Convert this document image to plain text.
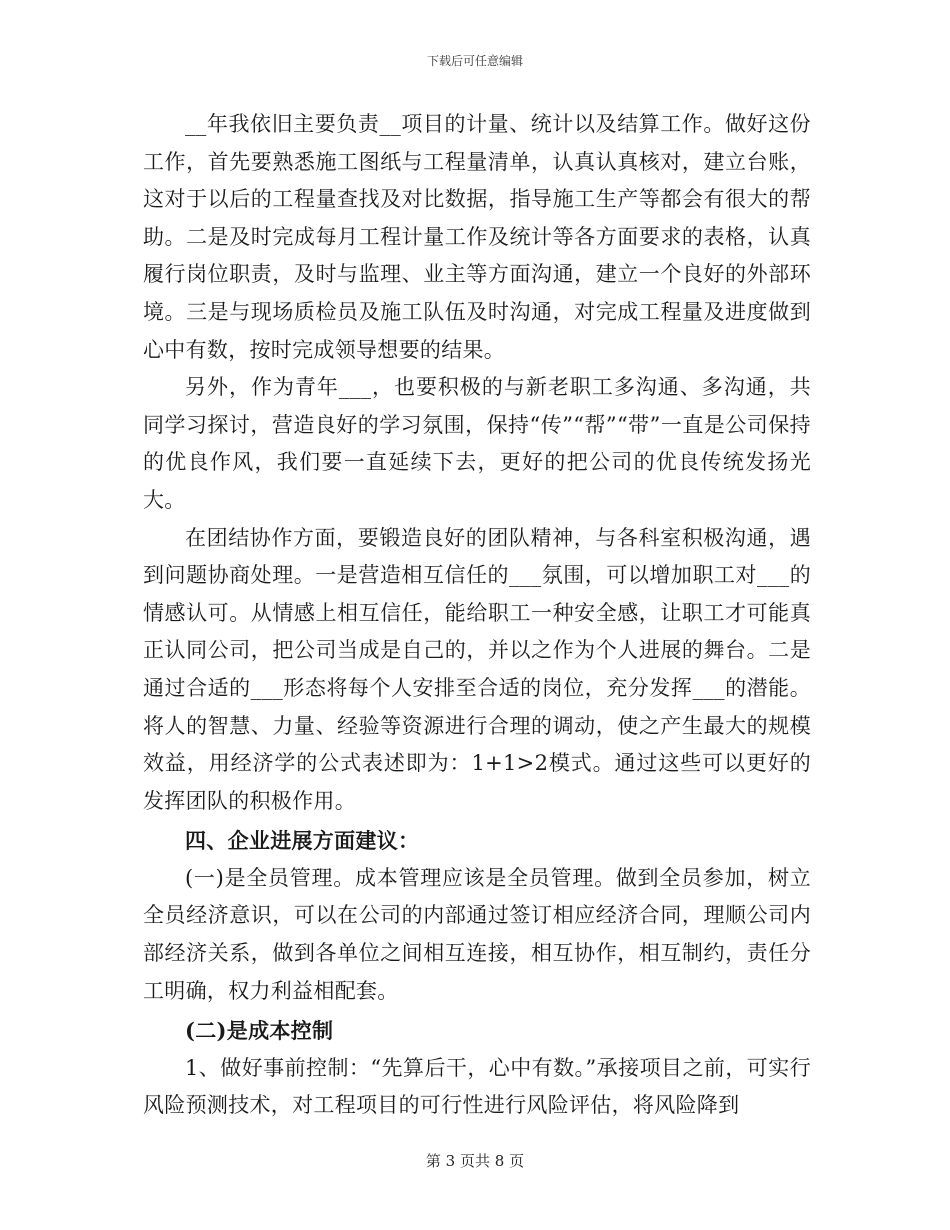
下载后可任意编辑

__年我依旧主要负责__项目的计量、统计以及结算工作。做好这份工作，首先要熟悉施工图纸与工程量清单，认真认真核对，建立台账，这对于以后的工程量查找及对比数据，指导施工生产等都会有很大的帮助。二是及时完成每月工程计量工作及统计等各方面要求的表格，认真履行岗位职责，及时与监理、业主等方面沟通，建立一个良好的外部环境。三是与现场质检员及施工队伍及时沟通，对完成工程量及进度做到心中有数，按时完成领导想要的结果。

另外，作为青年___，也要积极的与新老职工多沟通、多沟通，共同学习探讨，营造良好的学习氛围，保持“传”“帮”“带”一直是公司保持的优良作风，我们要一直延续下去，更好的把公司的优良传统发扬光大。

在团结协作方面，要锻造良好的团队精神，与各科室积极沟通，遇到问题协商处理。一是营造相互信任的___氛围，可以增加职工对___的情感认可。从情感上相互信任，能给职工一种安全感，让职工才可能真正认同公司，把公司当成是自己的，并以之作为个人进展的舞台。二是通过合适的___形态将每个人安排至合适的岗位，充分发挥___的潜能。将人的智慧、力量、经验等资源进行合理的调动，使之产生最大的规模效益，用经济学的公式表述即为：1+1>2模式。通过这些可以更好的发挥团队的积极作用。

四、企业进展方面建议：

(一)是全员管理。成本管理应该是全员管理。做到全员参加，树立全员经济意识，可以在公司的内部通过签订相应经济合同，理顺公司内部经济关系，做到各单位之间相互连接，相互协作，相互制约，责任分工明确，权力利益相配套。

(二)是成本控制

1、做好事前控制：“先算后干，心中有数。”承接项目之前，可实行风险预测技术，对工程项目的可行性进行风险评估，将风险降到

第 3 页共 8 页
